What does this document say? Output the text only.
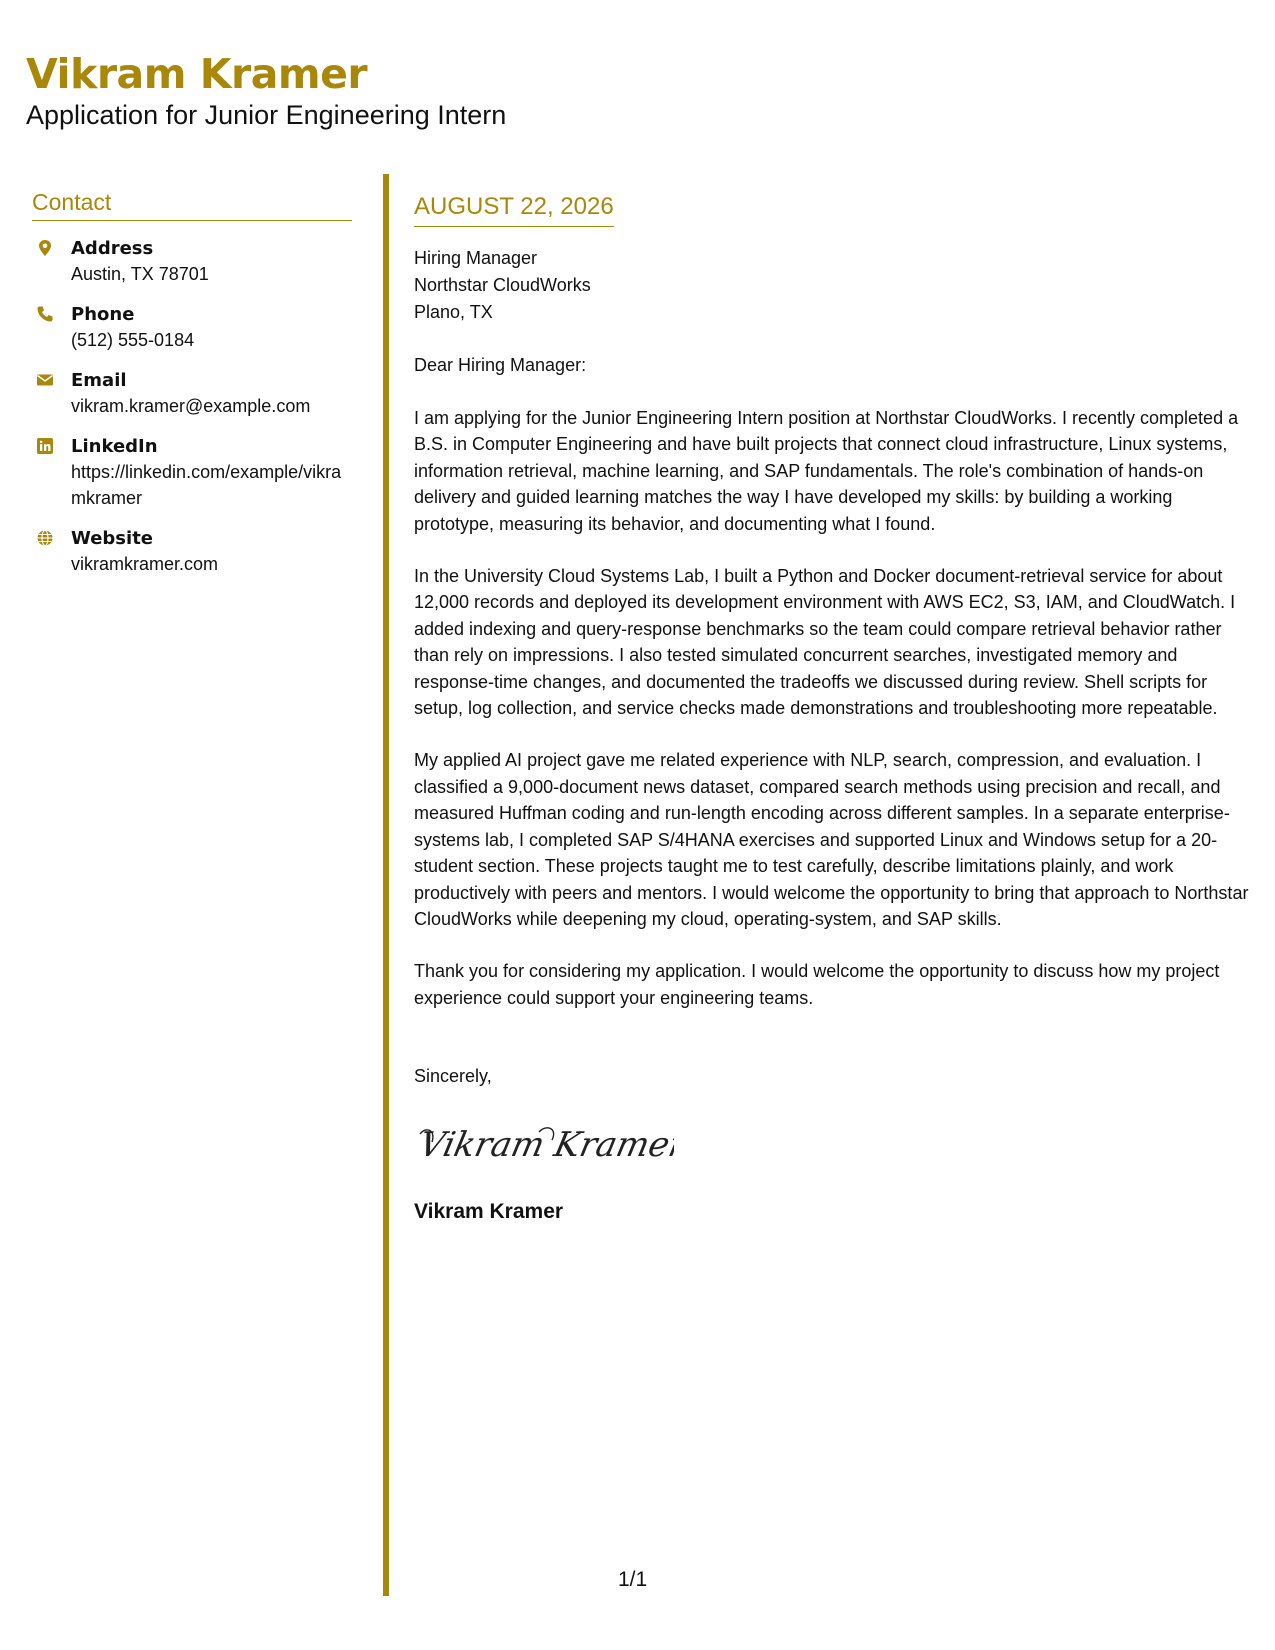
Vikram Kramer
Application for Junior Engineering Intern
Contact
Address
Austin, TX 78701
Phone
(512) 555-0184
Email
vikram.kramer@example.com
LinkedIn
https://linkedin.com/example/vikramkramer
Website
vikramkramer.com
AUGUST 22, 2026
Hiring Manager
Northstar CloudWorks
Plano, TX
Dear Hiring Manager:
I am applying for the Junior Engineering Intern position at Northstar CloudWorks. I recently completed a B.S. in Computer Engineering and have built projects that connect cloud infrastructure, Linux systems, information retrieval, machine learning, and SAP fundamentals. The role's combination of hands-on delivery and guided learning matches the way I have developed my skills: by building a working prototype, measuring its behavior, and documenting what I found.
In the University Cloud Systems Lab, I built a Python and Docker document-retrieval service for about 12,000 records and deployed its development environment with AWS EC2, S3, IAM, and CloudWatch. I added indexing and query-response benchmarks so the team could compare retrieval behavior rather than rely on impressions. I also tested simulated concurrent searches, investigated memory and response-time changes, and documented the tradeoffs we discussed during review. Shell scripts for setup, log collection, and service checks made demonstrations and troubleshooting more repeatable.
My applied AI project gave me related experience with NLP, search, compression, and evaluation. I classified a 9,000-document news dataset, compared search methods using precision and recall, and measured Huffman coding and run-length encoding across different samples. In a separate enterprise-systems lab, I completed SAP S/4HANA exercises and supported Linux and Windows setup for a 20-student section. These projects taught me to test carefully, describe limitations plainly, and work productively with peers and mentors. I would welcome the opportunity to bring that approach to Northstar CloudWorks while deepening my cloud, operating-system, and SAP skills.
Thank you for considering my application. I would welcome the opportunity to discuss how my project experience could support your engineering teams.
Sincerely,
Vikram Kramer
Vikram Kramer
1/1
